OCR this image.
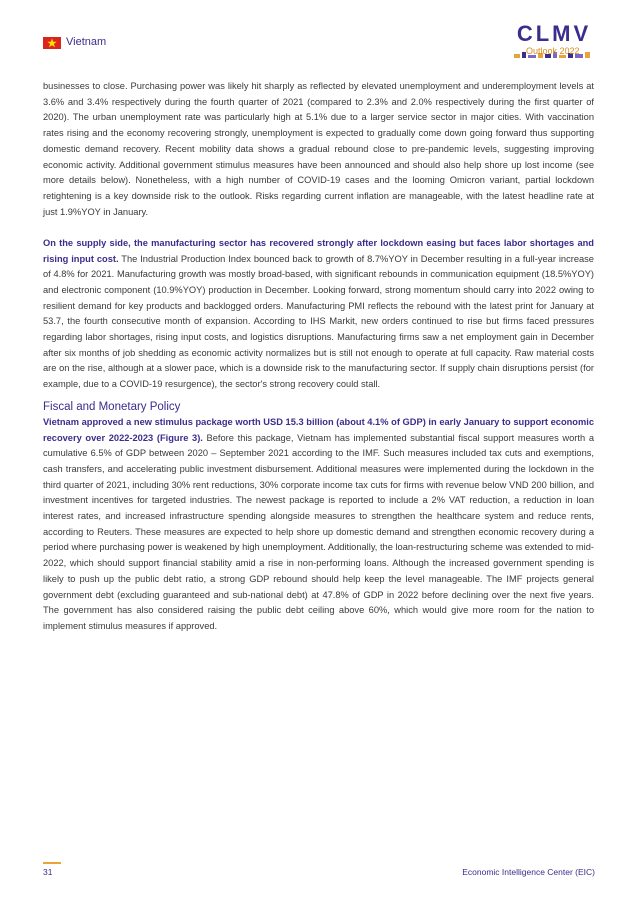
Vietnam	CLMV
Outlook 2022

businesses to close. Purchasing power was likely hit sharply as reflected by elevated unemployment and underemployment levels at 3.6% and 3.4% respectively during the fourth quarter of 2021 (compared to 2.3% and 2.0% respectively during the first quarter of 2020). The urban unemployment rate was particularly high at 5.1% due to a larger service sector in major cities. With vaccination rates rising and the economy recovering strongly, unemployment is expected to gradually come down going forward thus supporting domestic demand recovery. Recent mobility data shows a gradual rebound close to pre-pandemic levels, suggesting improving economic activity. Additional government stimulus measures have been announced and should also help shore up lost income (see more details below). Nonetheless, with a high number of COVID-19 cases and the looming Omicron variant, partial lockdown retightening is a key downside risk to the outlook. Risks regarding current inflation are manageable, with the latest headline rate at just 1.9%YOY in January.

On the supply side, the manufacturing sector has recovered strongly after lockdown easing but faces labor shortages and rising input cost. The Industrial Production Index bounced back to growth of 8.7%YOY in December resulting in a full-year increase of 4.8% for 2021. Manufacturing growth was mostly broad-based, with significant rebounds in communication equipment (18.5%YOY) and electronic component (10.9%YOY) production in December. Looking forward, strong momentum should carry into 2022 owing to resilient demand for key products and backlogged orders. Manufacturing PMI reflects the rebound with the latest print for January at 53.7, the fourth consecutive month of expansion. According to IHS Markit, new orders continued to rise but firms faced pressures regarding labor shortages, rising input costs, and logistics disruptions. Manufacturing firms saw a net employment gain in December after six months of job shedding as economic activity normalizes but is still not enough to operate at full capacity. Raw material costs are on the rise, although at a slower pace, which is a downside risk to the manufacturing sector. If supply chain disruptions persist (for example, due to a COVID-19 resurgence), the sector's strong recovery could stall.

Fiscal and Monetary Policy

Vietnam approved a new stimulus package worth USD 15.3 billion (about 4.1% of GDP) in early January to support economic recovery over 2022-2023 (Figure 3). Before this package, Vietnam has implemented substantial fiscal support measures worth a cumulative 6.5% of GDP between 2020 – September 2021 according to the IMF. Such measures included tax cuts and exemptions, cash transfers, and accelerating public investment disbursement. Additional measures were implemented during the lockdown in the third quarter of 2021, including 30% rent reductions, 30% corporate income tax cuts for firms with revenue below VND 200 billion, and investment incentives for targeted industries. The newest package is reported to include a 2% VAT reduction, a reduction in loan interest rates, and increased infrastructure spending alongside measures to strengthen the healthcare system and reduce rents, according to Reuters. These measures are expected to help shore up domestic demand and strengthen economic recovery during a period where purchasing power is weakened by high unemployment. Additionally, the loan-restructuring scheme was extended to mid-2022, which should support financial stability amid a rise in non-performing loans. Although the increased government spending is likely to push up the public debt ratio, a strong GDP rebound should help keep the level manageable. The IMF projects general government debt (excluding guaranteed and sub-national debt) at 47.8% of GDP in 2022 before declining over the next five years. The government has also considered raising the public debt ceiling above 60%, which would give more room for the nation to implement stimulus measures if approved.

31	Economic Intelligence Center (EIC)
